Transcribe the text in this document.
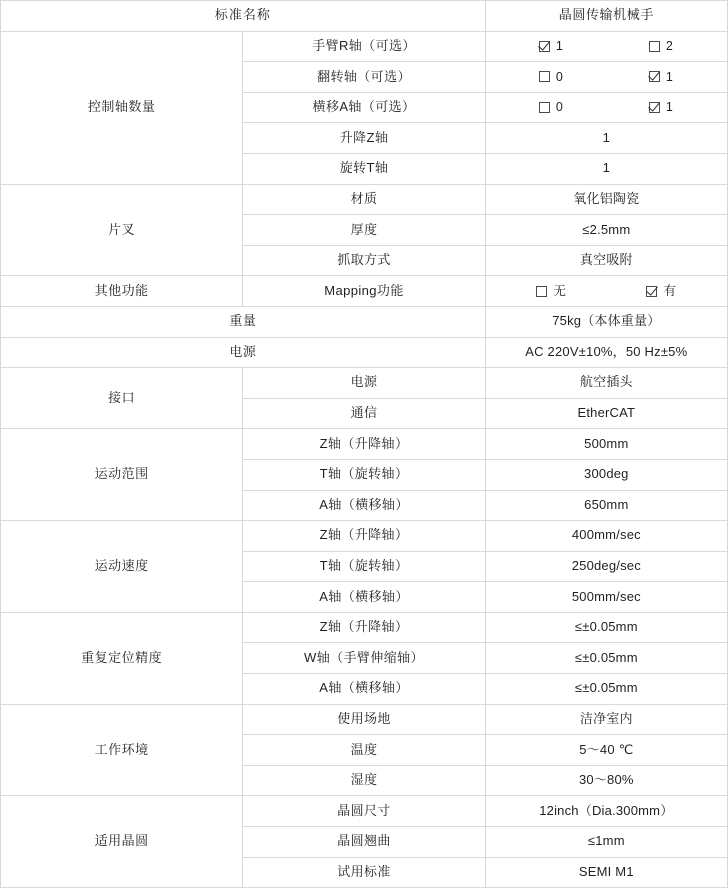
标准名称		晶圆传输机械手
控制轴数量	手臂R轴（可选）	1 2

	翻转轴（可选）	0 1

	横移A轴（可选）	0 1

	升降Z轴	1
	旋转T轴	1
片叉	材质	氧化铝陶瓷
	厚度	≤2.5mm
	抓取方式	真空吸附
其他功能	Mapping功能	无 有

重量		75kg（本体重量）
电源		AC 220V±10%，50 Hz±5%
接口	电源	航空插头
	通信	EtherCAT
运动范围	Z轴（升降轴）	500mm
	T轴（旋转轴）	300deg
	A轴（横移轴）	650mm
运动速度	Z轴（升降轴）	400mm/sec
	T轴（旋转轴）	250deg/sec
	A轴（横移轴）	500mm/sec
重复定位精度	Z轴（升降轴）	≤±0.05mm
	W轴（手臂伸缩轴）	≤±0.05mm
	A轴（横移轴）	≤±0.05mm
工作环境	使用场地	洁净室内
	温度	5～40 ℃
	湿度	30～80%
适用晶圆	晶圆尺寸	12inch（Dia.300mm）
	晶圆翘曲	≤1mm
	试用标准	SEMI M1
